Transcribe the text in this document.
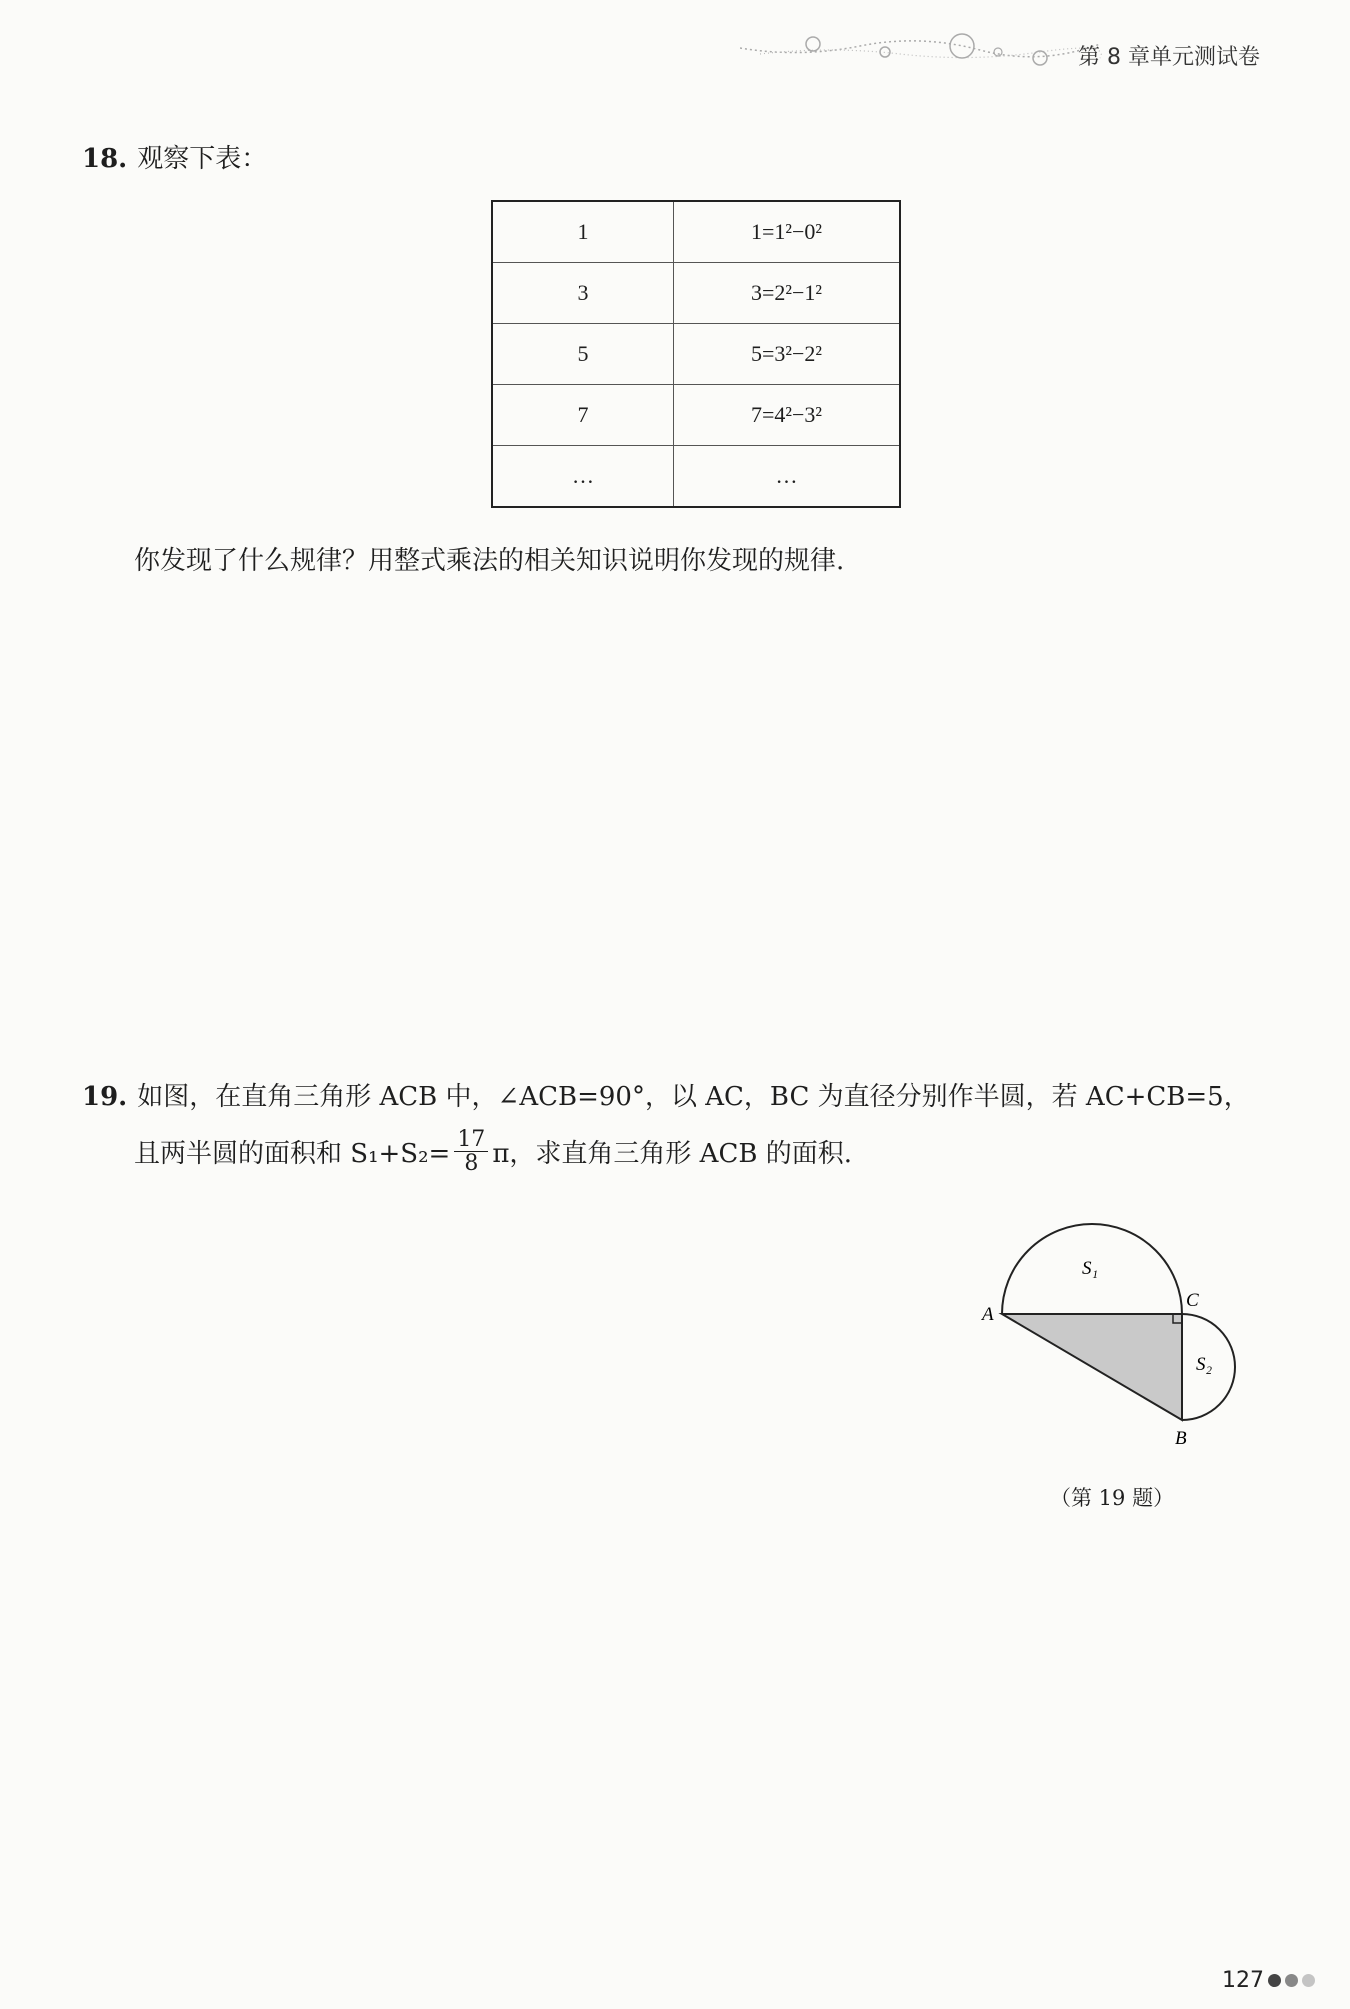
第 8 章单元测试卷
18. 观察下表：
1	1=1²−0²
3	3=2²−1²
5	5=3²−2²
7	7=4²−3²
…	…
你发现了什么规律？用整式乘法的相关知识说明你发现的规律.
19. 如图，在直角三角形 ACB 中，∠ACB=90°，以 AC，BC 为直径分别作半圆，若 AC+CB=5，
且两半圆的面积和 $S_1+S_2= \frac{17}{8}$ π，求直角三角形 ACB 的面积.
A
C
B
S₁
S₂
（第 19 题）
127
